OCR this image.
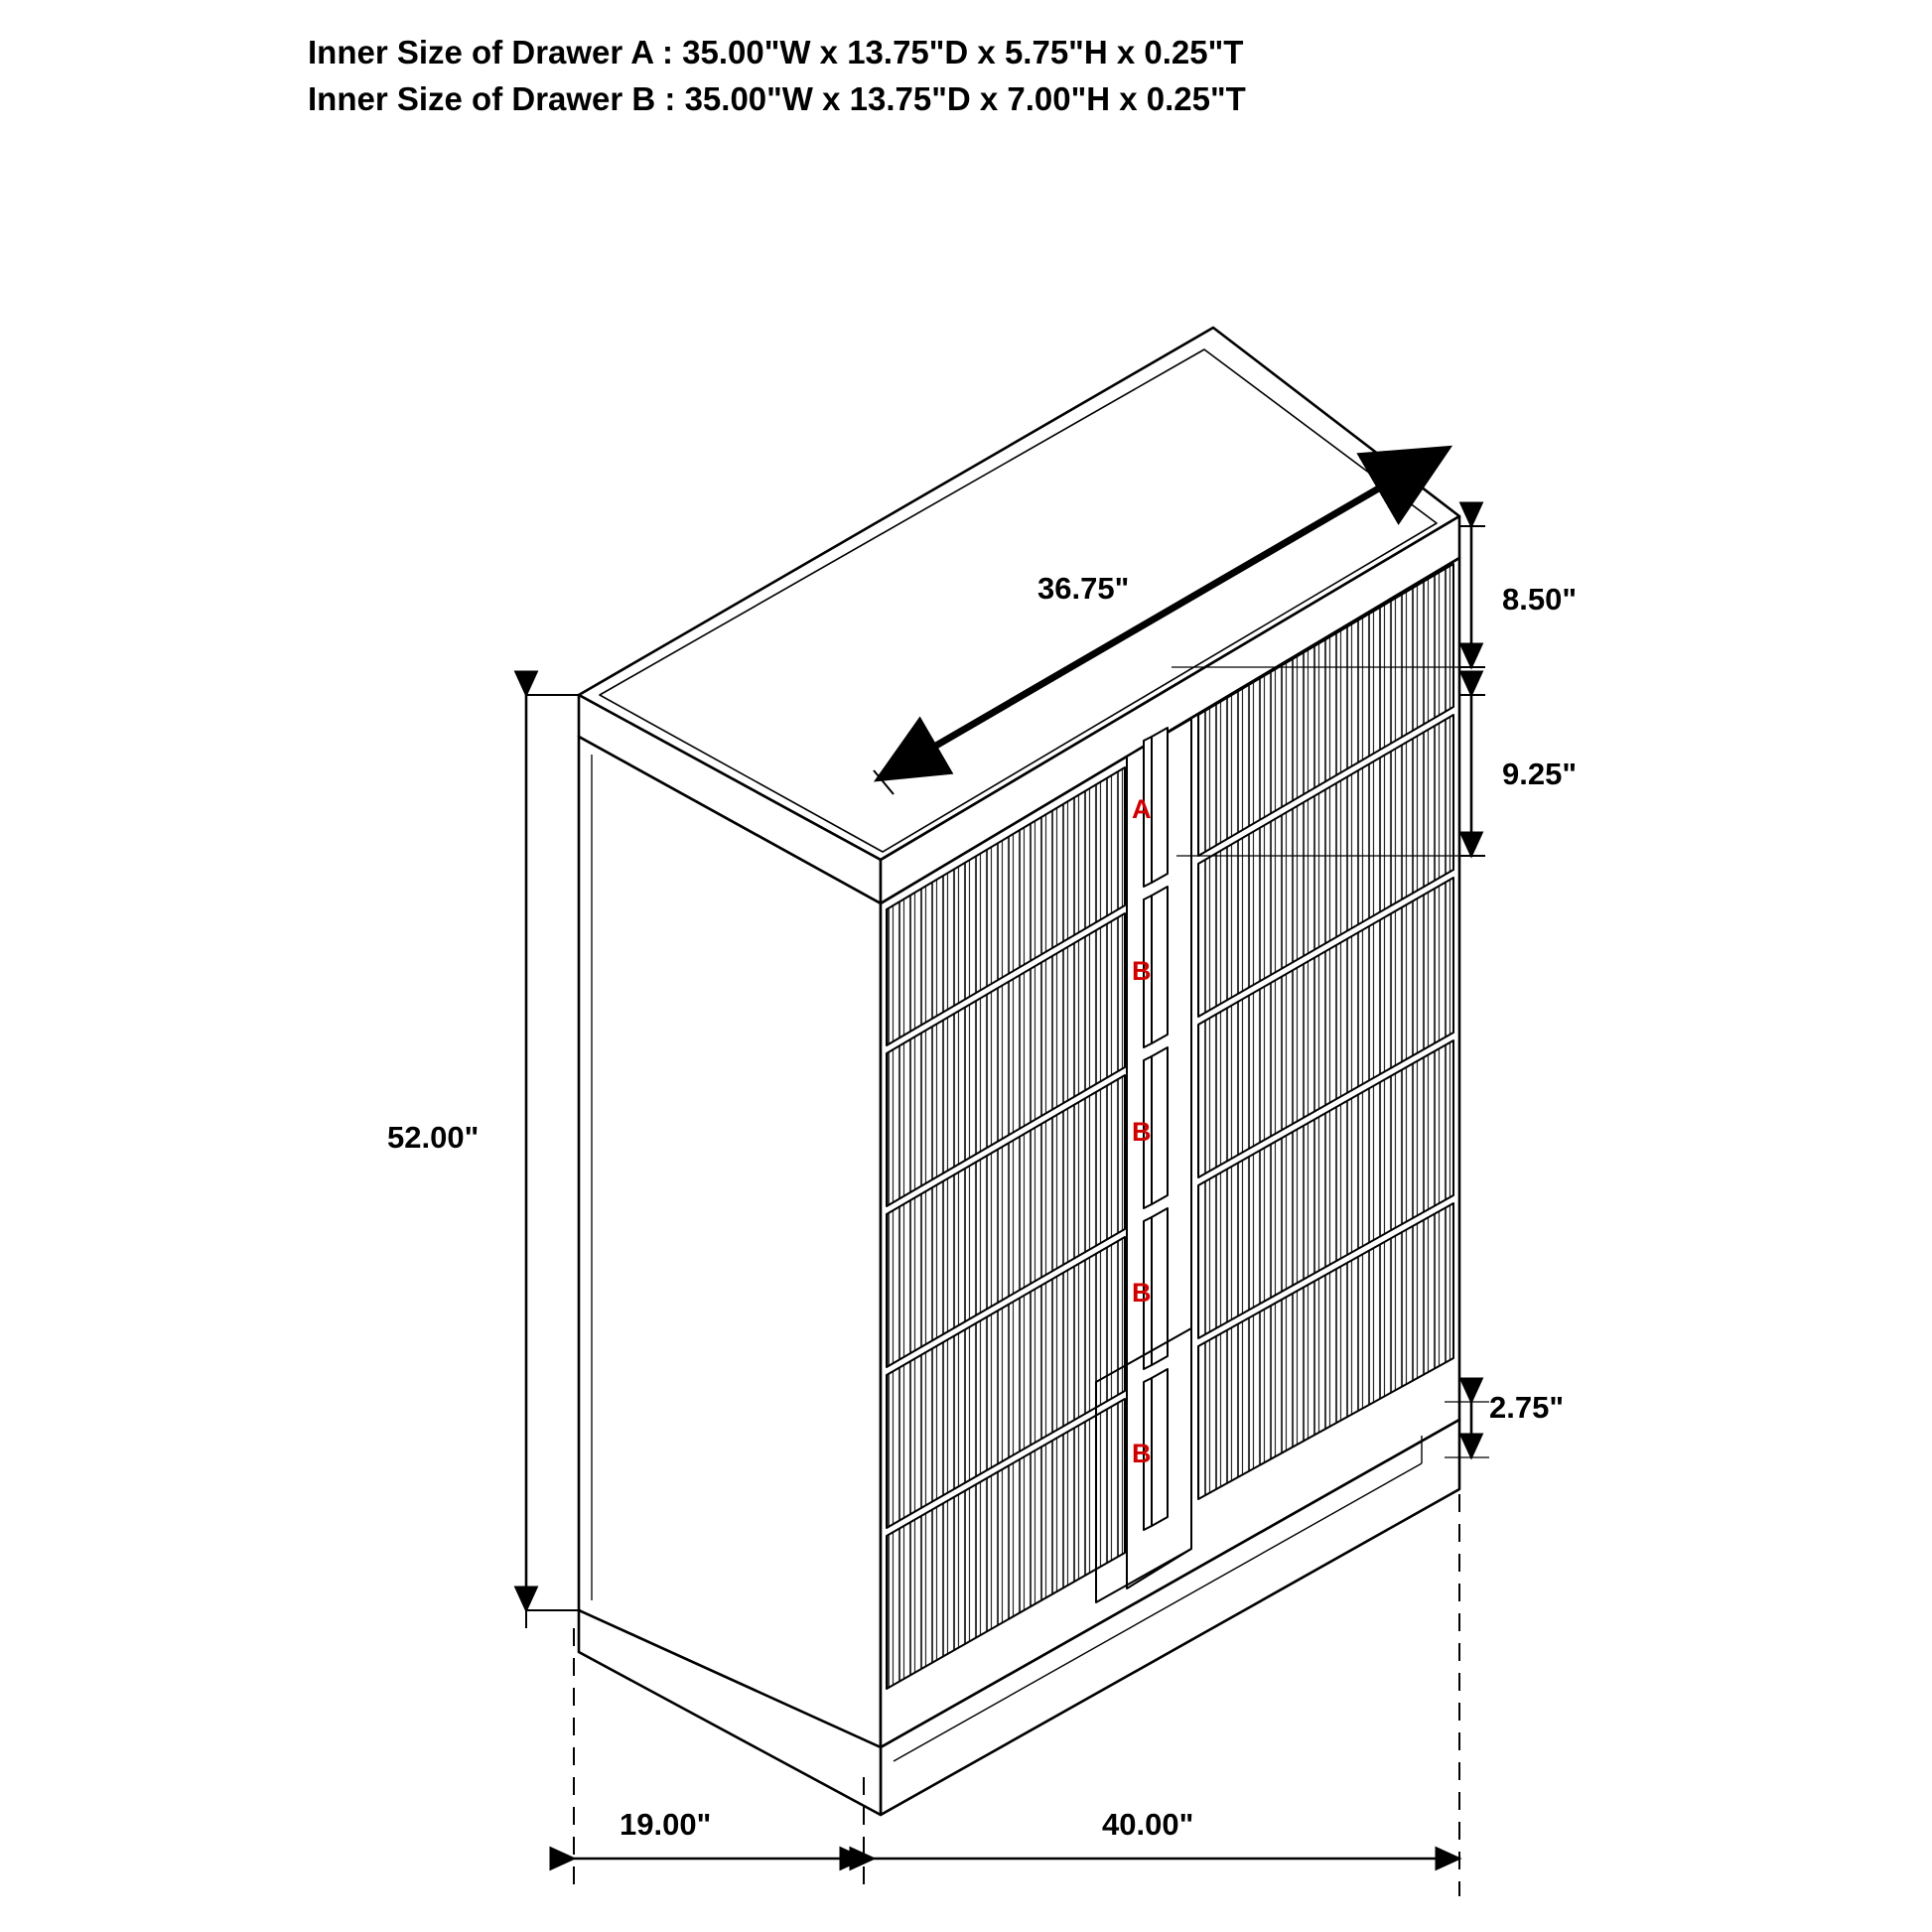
Inner Size of Drawer A : 35.00"W x 13.75"D x 5.75"H x 0.25"T
Inner Size of Drawer B : 35.00"W x 13.75"D x 7.00"H x 0.25"T
36.75"	8.50"
9.25"
2.75"
52.00"
19.00"	40.00"
A
B
B
B
B
